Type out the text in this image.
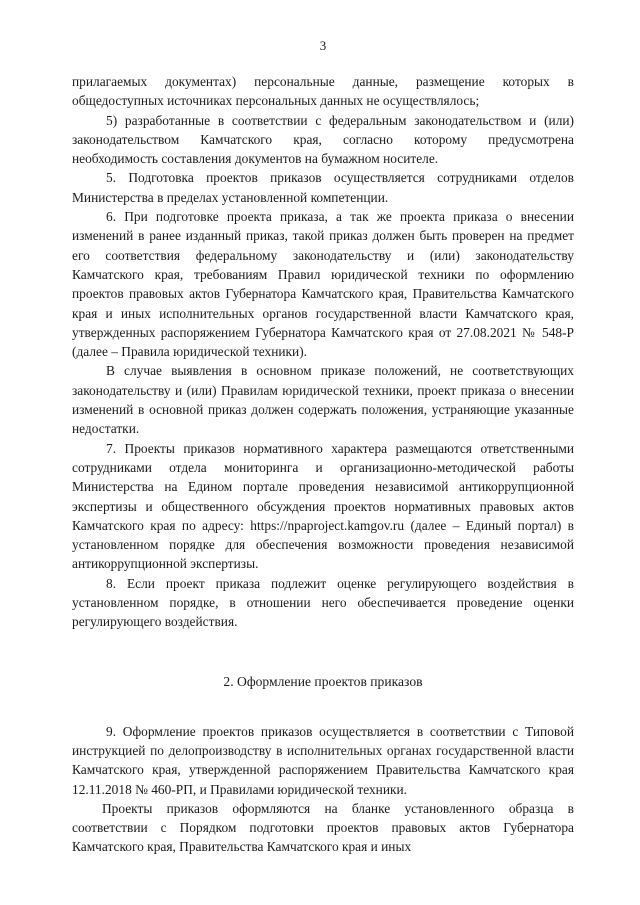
3

прилагаемых документах) персональные данные, размещение которых в общедоступных источниках персональных данных не осуществлялось;

5) разработанные в соответствии с федеральным законодательством и (или) законодательством Камчатского края, согласно которому предусмотрена необходимость составления документов на бумажном носителе.

5. Подготовка проектов приказов осуществляется сотрудниками отделов Министерства в пределах установленной компетенции.

6. При подготовке проекта приказа, а так же проекта приказа о внесении изменений в ранее изданный приказ, такой приказ должен быть проверен на предмет его соответствия федеральному законодательству и (или) законодательству Камчатского края, требованиям Правил юридической техники по оформлению проектов правовых актов Губернатора Камчатского края, Правительства Камчатского края и иных исполнительных органов государственной власти Камчатского края, утвержденных распоряжением Губернатора Камчатского края от 27.08.2021 № 548-Р (далее – Правила юридической техники).

В случае выявления в основном приказе положений, не соответствующих законодательству и (или) Правилам юридической техники, проект приказа о внесении изменений в основной приказ должен содержать положения, устраняющие указанные недостатки.

7. Проекты приказов нормативного характера размещаются ответственными сотрудниками отдела мониторинга и организационно-методической работы Министерства на Едином портале проведения независимой антикоррупционной экспертизы и общественного обсуждения проектов нормативных правовых актов Камчатского края по адресу: https://npaproject.kamgov.ru (далее – Единый портал) в установленном порядке для обеспечения возможности проведения независимой антикоррупционной экспертизы.

8. Если проект приказа подлежит оценке регулирующего воздействия в установленном порядке, в отношении него обеспечивается проведение оценки регулирующего воздействия.

2. Оформление проектов приказов

9. Оформление проектов приказов осуществляется в соответствии с Типовой инструкцией по делопроизводству в исполнительных органах государственной власти Камчатского края, утвержденной распоряжением Правительства Камчатского края 12.11.2018 № 460-РП, и Правилами юридической техники.

Проекты приказов оформляются на бланке установленного образца в соответствии с Порядком подготовки проектов правовых актов Губернатора Камчатского края, Правительства Камчатского края и иных
